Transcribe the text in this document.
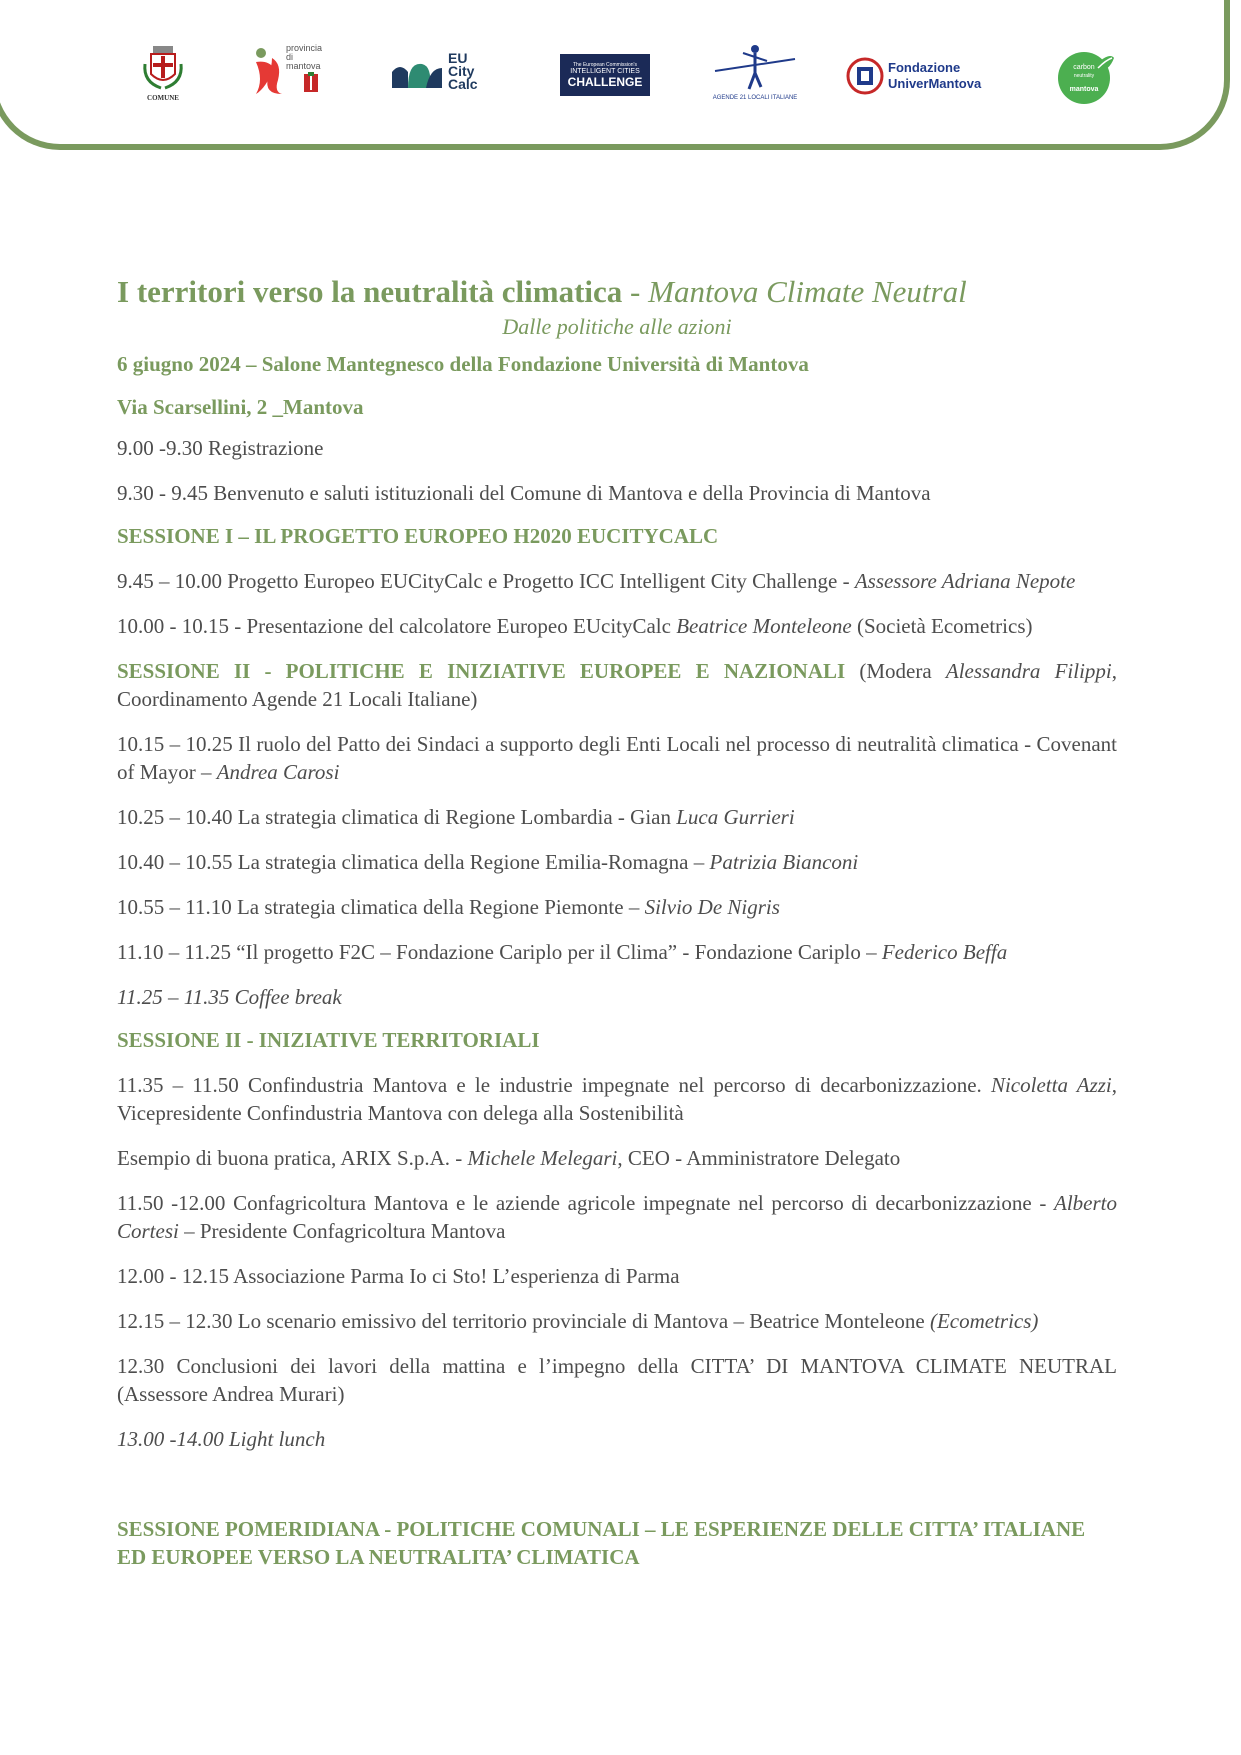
COMUNE
provincia di mantova	EU City Calc
The European Commission's
INTELLIGENT CITIES
CHALLENGE
AGENDE 21 LOCALI ITALIANE
Fondazione
UniverMantova
carbon
neutrality
mantova
I territori verso la neutralità climatica - Mantova Climate Neutral
Dalle politiche alle azioni
6 giugno 2024 – Salone Mantegnesco della Fondazione Università di Mantova
Via Scarsellini, 2 _Mantova
9.00 -9.30 Registrazione
9.30 - 9.45 Benvenuto e saluti istituzionali del Comune di Mantova e della Provincia di Mantova
SESSIONE I – IL PROGETTO EUROPEO H2020 EUCITYCALC
9.45 – 10.00 Progetto Europeo EUCityCalc e Progetto ICC Intelligent City Challenge - Assessore Adriana Nepote
10.00 - 10.15 - Presentazione del calcolatore Europeo EUcityCalc Beatrice Monteleone (Società Ecometrics)
SESSIONE II - POLITICHE E INIZIATIVE EUROPEE E NAZIONALI (Modera Alessandra Filippi, Coordinamento Agende 21 Locali Italiane)
10.15 – 10.25 Il ruolo del Patto dei Sindaci a supporto degli Enti Locali nel processo di neutralità climatica - Covenant of Mayor – Andrea Carosi
10.25 – 10.40 La strategia climatica di Regione Lombardia - Gian Luca Gurrieri
10.40 – 10.55 La strategia climatica della Regione Emilia-Romagna – Patrizia Bianconi
10.55 – 11.10 La strategia climatica della Regione Piemonte – Silvio De Nigris
11.10 – 11.25 “Il progetto F2C – Fondazione Cariplo per il Clima” - Fondazione Cariplo – Federico Beffa
11.25 – 11.35 Coffee break
SESSIONE II - INIZIATIVE TERRITORIALI
11.35 – 11.50 Confindustria Mantova e le industrie impegnate nel percorso di decarbonizzazione. Nicoletta Azzi, Vicepresidente Confindustria Mantova con delega alla Sostenibilità
Esempio di buona pratica, ARIX S.p.A. - Michele Melegari, CEO - Amministratore Delegato
11.50 -12.00 Confagricoltura Mantova e le aziende agricole impegnate nel percorso di decarbonizzazione - Alberto Cortesi – Presidente Confagricoltura Mantova
12.00 - 12.15 Associazione Parma Io ci Sto! L’esperienza di Parma
12.15 – 12.30 Lo scenario emissivo del territorio provinciale di Mantova – Beatrice Monteleone (Ecometrics)
12.30 Conclusioni dei lavori della mattina e l’impegno della CITTA’ DI MANTOVA CLIMATE NEUTRAL (Assessore Andrea Murari)
13.00 -14.00 Light lunch
SESSIONE POMERIDIANA - POLITICHE COMUNALI – LE ESPERIENZE DELLE CITTA’ ITALIANE ED EUROPEE VERSO LA NEUTRALITA’ CLIMATICA
